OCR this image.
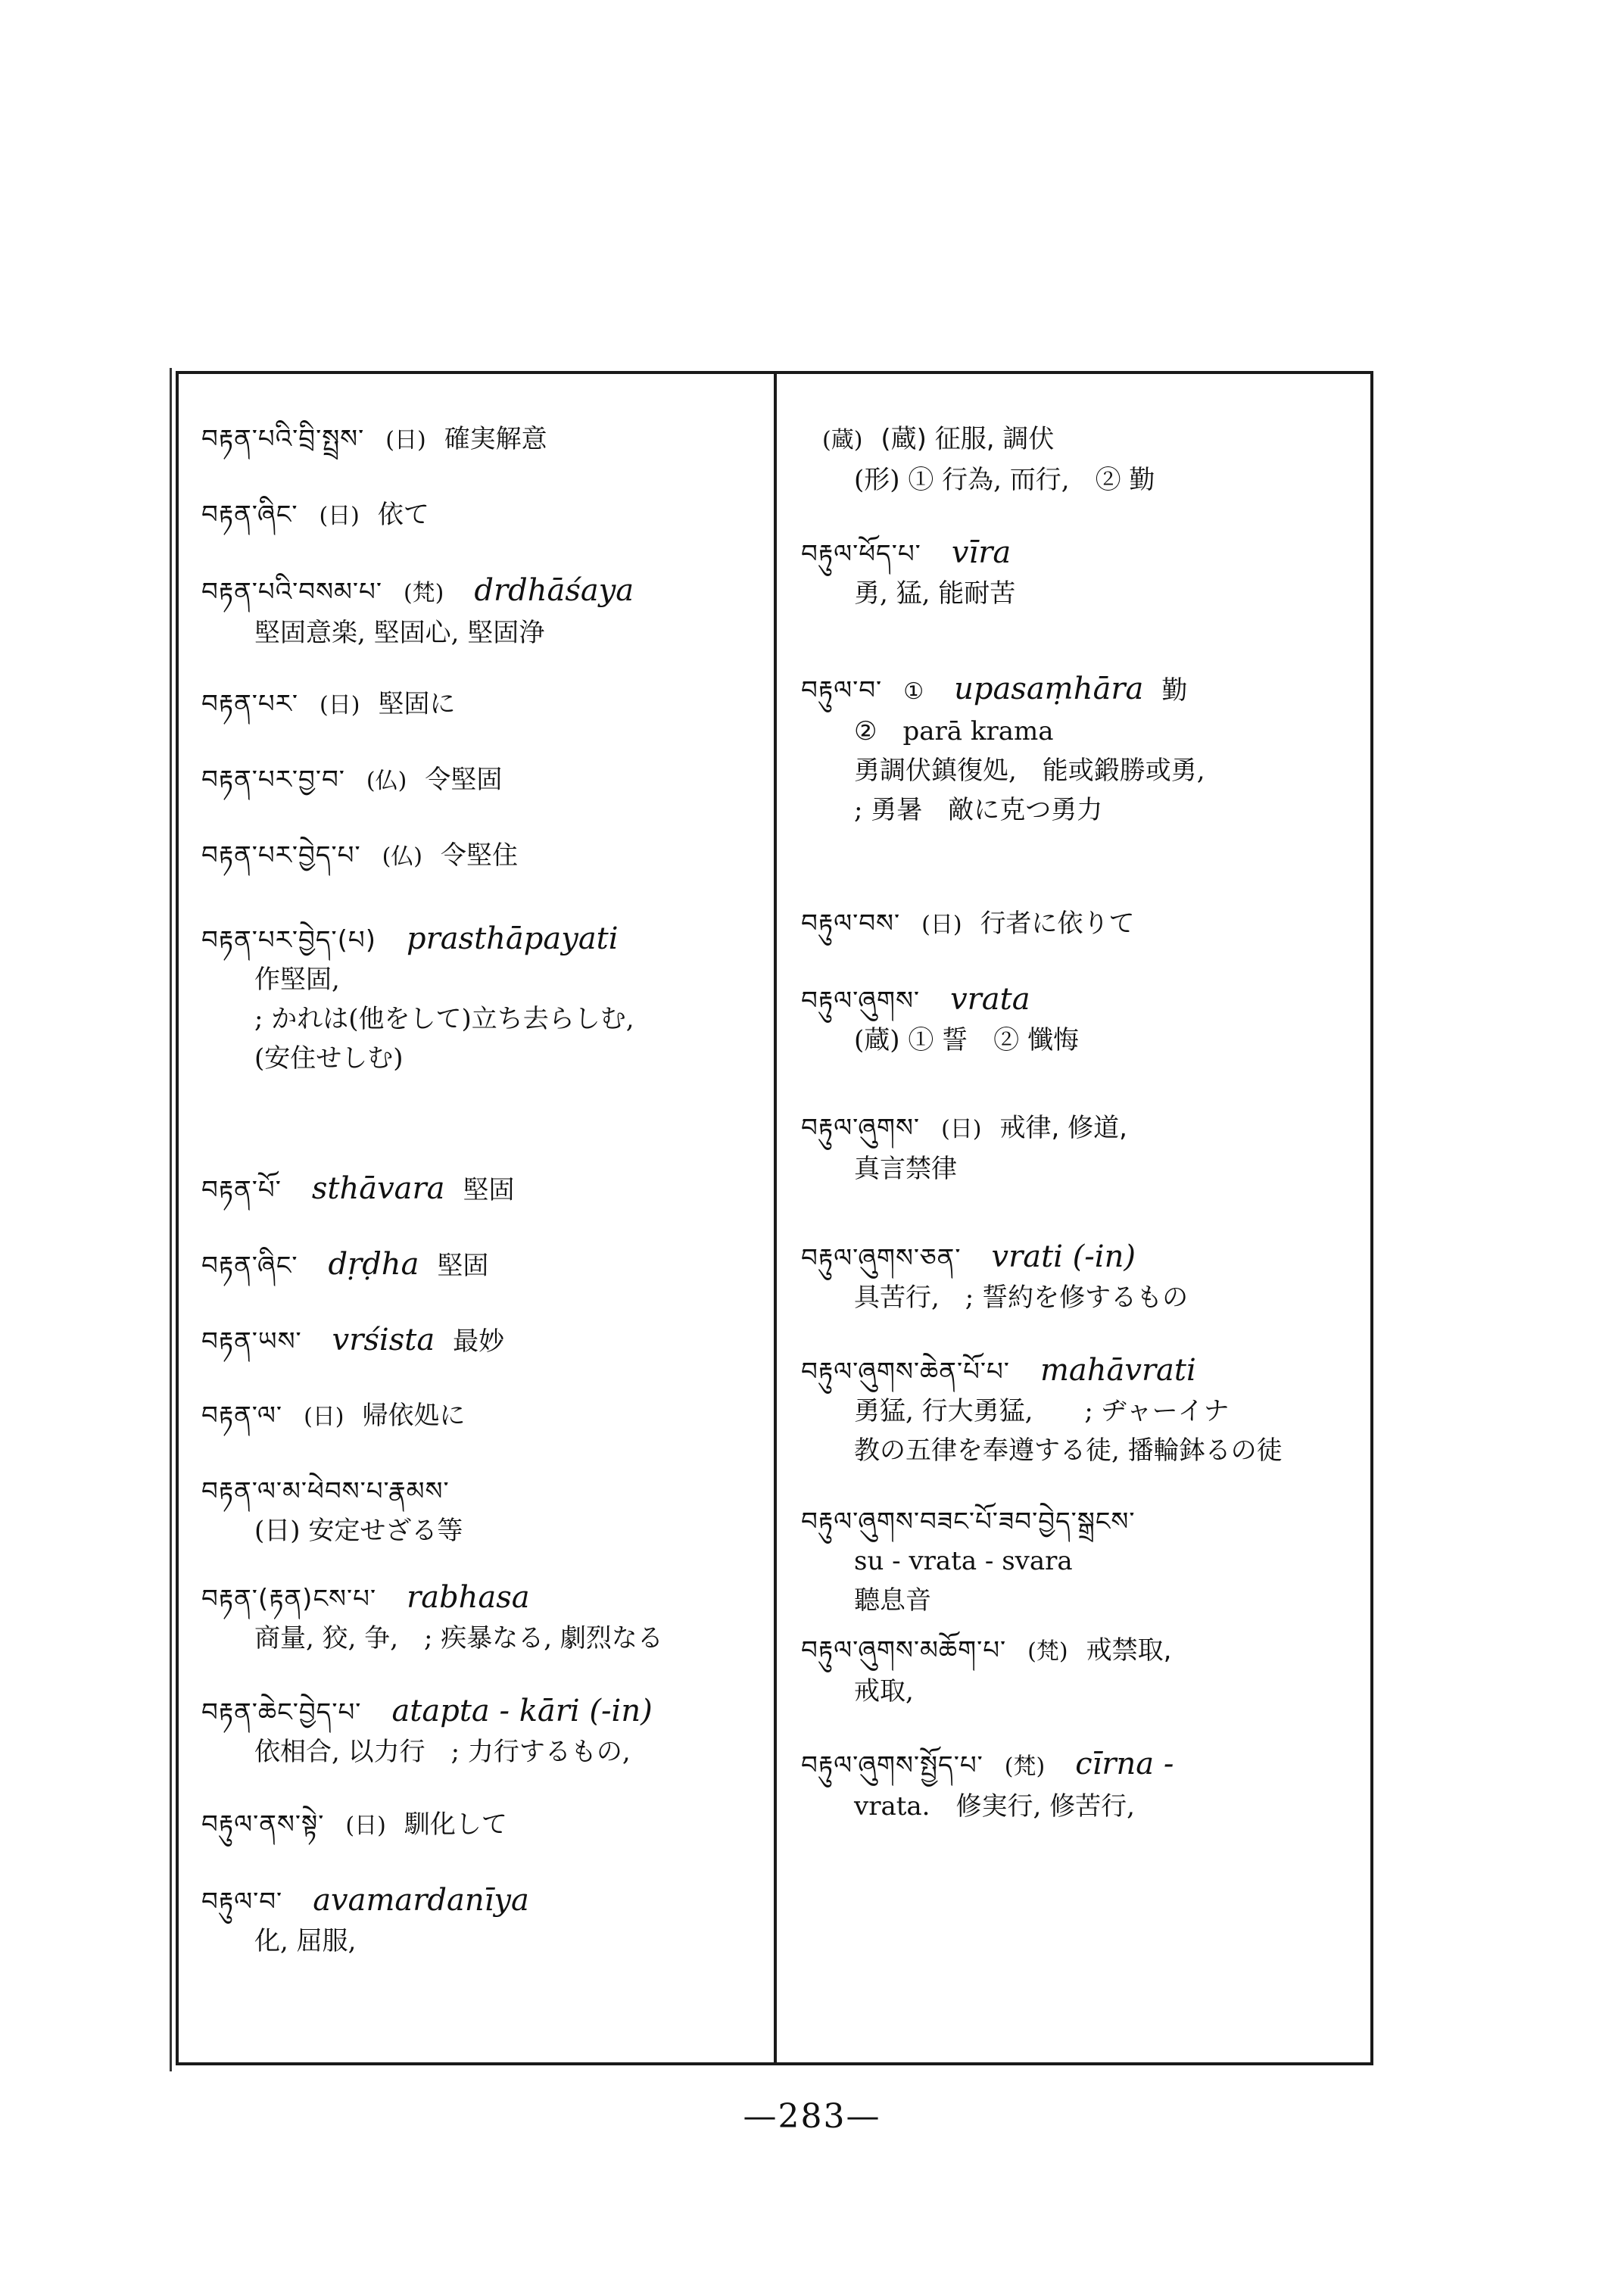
བརྟན་པའི་བྲི་སྤྲས་ (日) 確実解意
བརྟན་ཞིང་ (日) 依て
བརྟན་པའི་བསམ་པ་ (梵) drdhāśaya
堅固意楽, 堅固心, 堅固浄
བརྟན་པར་ (日) 堅固に
བརྟན་པར་བྱ་བ་ (仏) 令堅固
བརྟན་པར་བྱེད་པ་ (仏) 令堅住
བརྟན་པར་བྱེད་(པ) prasthāpayati
作堅固,
; かれは(他をして)立ち去らしむ,
(安住せしむ)
བརྟན་པོ་ sthāvara 堅固
བརྟན་ཞིང་ dṛḍha 堅固
བརྟན་ཡས་ vrśista 最妙
བརྟན་ལ་ (日) 帰依処に
བརྟན་ལ་མ་ཕེབས་པ་རྣམས་
(日) 安定せざる等
བརྟན་(རྟན)ངས་པ་ rabhasa
商量, 狡, 争,　; 疾暴なる, 劇烈なる
བརྟན་ཆེང་བྱེད་པ་ atapta - kāri (-in)
依相合, 以力行　; 力行するもの,
བརྟུལ་ནས་སྟེ་ (日) 馴化して
བརྟུལ་བ་ avamardanīya
化, 屈服,
(蔵) (蔵) 征服, 調伏
(形) ① 行為, 而行,　② 勤
བརྟུལ་ཕོད་པ་ vīra
勇, 猛, 能耐苦
བརྟུལ་བ་ ① upasaṃhāra 勤
②　parā krama
勇調伏鎮復処,　能或鍛勝或勇,
; 勇暑　敵に克つ勇力
བརྟུལ་བས་ (日) 行者に依りて
བརྟུལ་ཞུགས་ vrata
(蔵) ① 誓　② 懺悔
བརྟུལ་ཞུགས་ (日) 戒律, 修道,
真言禁律
བརྟུལ་ཞུགས་ཅན་ vrati (-in)
具苦行,　; 誓約を修するもの
བརྟུལ་ཞུགས་ཆེན་པོ་པ་ mahāvrati
勇猛, 行大勇猛,　　; ヂャーイナ
教の五律を奉遵する徒, 播輪鉢るの徒
བརྟུལ་ཞུགས་བཟང་པོ་ཟབ་བྱེད་སྒྲངས་
su - vrata - svara
聽息音
བརྟུལ་ཞུགས་མཆོག་པ་ (梵) 戒禁取,
戒取,
བརྟུལ་ཞུགས་སྤྱོད་པ་ (梵) cīrna -
vrata.　修実行, 修苦行,
—283—
